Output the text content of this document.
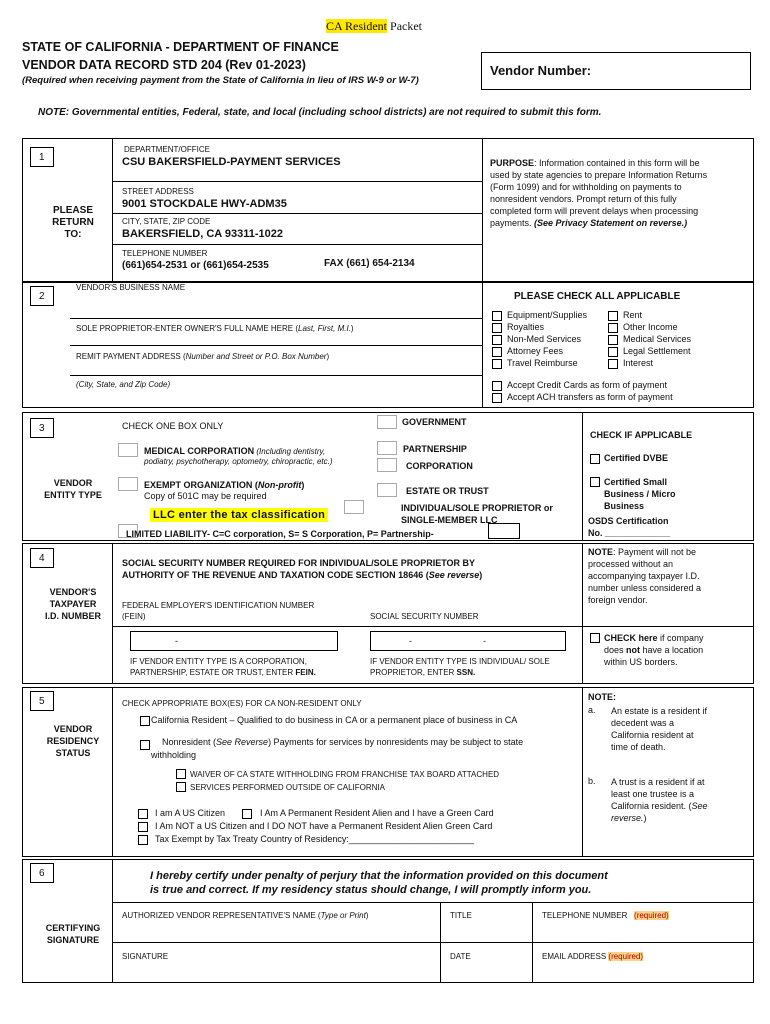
CA Resident Packet
STATE OF CALIFORNIA - DEPARTMENT OF FINANCE
VENDOR DATA RECORD STD 204 (Rev 01-2023)
(Required when receiving payment from the State of California in lieu of IRS W-9 or W-7)
Vendor Number:
NOTE: Governmental entities, Federal, state, and local (including school districts) are not required to submit this form.
1
PLEASE
RETURN
TO:
DEPARTMENT/OFFICE
CSU BAKERSFIELD-PAYMENT SERVICES
STREET ADDRESS
9001 STOCKDALE HWY-ADM35
CITY, STATE, ZIP CODE
BAKERSFIELD, CA 93311-1022
TELEPHONE NUMBER
(661)654-2531 or (661)654-2535	FAX (661) 654-2134
PURPOSE: Information contained in this form will be used by state agencies to prepare Information Returns (Form 1099) and for withholding on payments to nonresident vendors. Prompt return of this fully completed form will prevent delays when processing payments. (See Privacy Statement on reverse.)
2
VENDOR'S BUSINESS NAME
SOLE PROPRIETOR-ENTER OWNER'S FULL NAME HERE (Last, First, M.I.)
REMIT PAYMENT ADDRESS (Number and Street or P.O. Box Number)
(City, State, and Zip Code)
PLEASE CHECK ALL APPLICABLE
Equipment/Supplies
Royalties
Non-Med Services
Attorney Fees
Travel Reimburse
Rent
Other Income
Medical Services
Legal Settlement
Interest
Accept Credit Cards as form of payment
Accept ACH transfers as form of payment
3
VENDOR
ENTITY TYPE
CHECK ONE BOX ONLY
MEDICAL CORPORATION (Including dentistry,
podiatry, psychotherapy, optometry, chiropractic, etc.)
EXEMPT ORGANIZATION (Non-profit)
Copy of 501C may be required
LLC enter the tax classification
LIMITED LIABILITY- C=C corporation, S= S Corporation, P= Partnership-
GOVERNMENT
PARTNERSHIP
CORPORATION
ESTATE OR TRUST
INDIVIDUAL/SOLE PROPRIETOR or
SINGLE-MEMBER LLC
CHECK IF APPLICABLE
Certified DVBE
Certified Small
Business / Micro
Business
OSDS Certification
No. _____________
4
VENDOR'S
TAXPAYER
I.D. NUMBER
SOCIAL SECURITY NUMBER REQUIRED FOR INDIVIDUAL/SOLE PROPRIETOR BY
AUTHORITY OF THE REVENUE AND TAXATION CODE SECTION 18646 (See reverse)
FEDERAL EMPLOYER'S IDENTIFICATION NUMBER
(FEIN)	SOCIAL SECURITY NUMBER
-	-	-
IF VENDOR ENTITY TYPE IS A CORPORATION,
PARTNERSHIP, ESTATE OR TRUST, ENTER FEIN.
IF VENDOR ENTITY TYPE IS INDIVIDUAL/ SOLE
PROPRIETOR, ENTER SSN.
NOTE: Payment will not be processed without an accompanying taxpayer I.D. number unless considered a foreign vendor.
CHECK here if company does not have a location within US borders.
5
VENDOR
RESIDENCY
STATUS
CHECK APPROPRIATE BOX(ES) FOR CA NON-RESIDENT ONLY
California Resident – Qualified to do business in CA or a permanent place of business in CA
Nonresident (See Reverse) Payments for services by nonresidents may be subject to state
withholding
WAIVER OF CA STATE WITHHOLDING FROM FRANCHISE TAX BOARD ATTACHED
SERVICES PERFORMED OUTSIDE OF CALIFORNIA
I am A US Citizen	I Am A Permanent Resident Alien and I have a Green Card
I Am NOT a US Citizen and I DO NOT have a Permanent Resident Alien Green Card
Tax Exempt by Tax Treaty Country of Residency:_________________________
NOTE:
a. An estate is a resident if decedent was a California resident at time of death.
b. A trust is a resident if at least one trustee is a California resident. (See reverse.)
6
CERTIFYING
SIGNATURE
I hereby certify under penalty of perjury that the information provided on this document
is true and correct. If my residency status should change, I will promptly inform you.
AUTHORIZED VENDOR REPRESENTATIVE'S NAME (Type or Print)	TITLE	TELEPHONE NUMBER (required)
SIGNATURE	DATE	EMAIL ADDRESS (required)
